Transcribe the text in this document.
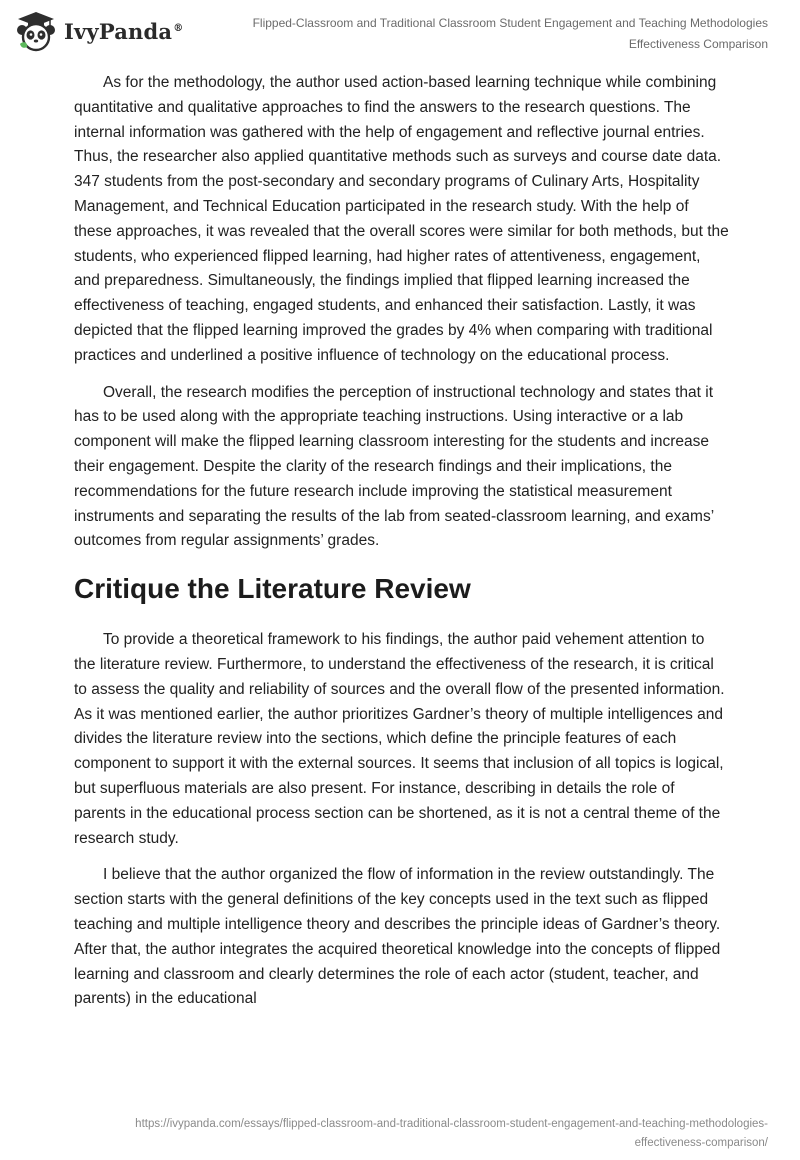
IvyPanda®	Flipped-Classroom and Traditional Classroom Student Engagement and Teaching Methodologies
Effectiveness Comparison

As for the methodology, the author used action-based learning technique while combining quantitative and qualitative approaches to find the answers to the research questions. The internal information was gathered with the help of engagement and reflective journal entries. Thus, the researcher also applied quantitative methods such as surveys and course date data. 347 students from the post-secondary and secondary programs of Culinary Arts, Hospitality Management, and Technical Education participated in the research study. With the help of these approaches, it was revealed that the overall scores were similar for both methods, but the students, who experienced flipped learning, had higher rates of attentiveness, engagement, and preparedness. Simultaneously, the findings implied that flipped learning increased the effectiveness of teaching, engaged students, and enhanced their satisfaction. Lastly, it was depicted that the flipped learning improved the grades by 4% when comparing with traditional practices and underlined a positive influence of technology on the educational process.

Overall, the research modifies the perception of instructional technology and states that it has to be used along with the appropriate teaching instructions. Using interactive or a lab component will make the flipped learning classroom interesting for the students and increase their engagement. Despite the clarity of the research findings and their implications, the recommendations for the future research include improving the statistical measurement instruments and separating the results of the lab from seated-classroom learning, and exams’ outcomes from regular assignments’ grades.

Critique the Literature Review

To provide a theoretical framework to his findings, the author paid vehement attention to the literature review. Furthermore, to understand the effectiveness of the research, it is critical to assess the quality and reliability of sources and the overall flow of the presented information. As it was mentioned earlier, the author prioritizes Gardner’s theory of multiple intelligences and divides the literature review into the sections, which define the principle features of each component to support it with the external sources. It seems that inclusion of all topics is logical, but superfluous materials are also present. For instance, describing in details the role of parents in the educational process section can be shortened, as it is not a central theme of the research study.

I believe that the author organized the flow of information in the review outstandingly. The section starts with the general definitions of the key concepts used in the text such as flipped teaching and multiple intelligence theory and describes the principle ideas of Gardner’s theory. After that, the author integrates the acquired theoretical knowledge into the concepts of flipped learning and classroom and clearly determines the role of each actor (student, teacher, and parents) in the educational

https://ivypanda.com/essays/flipped-classroom-and-traditional-classroom-student-engagement-and-teaching-methodologies-
effectiveness-comparison/
